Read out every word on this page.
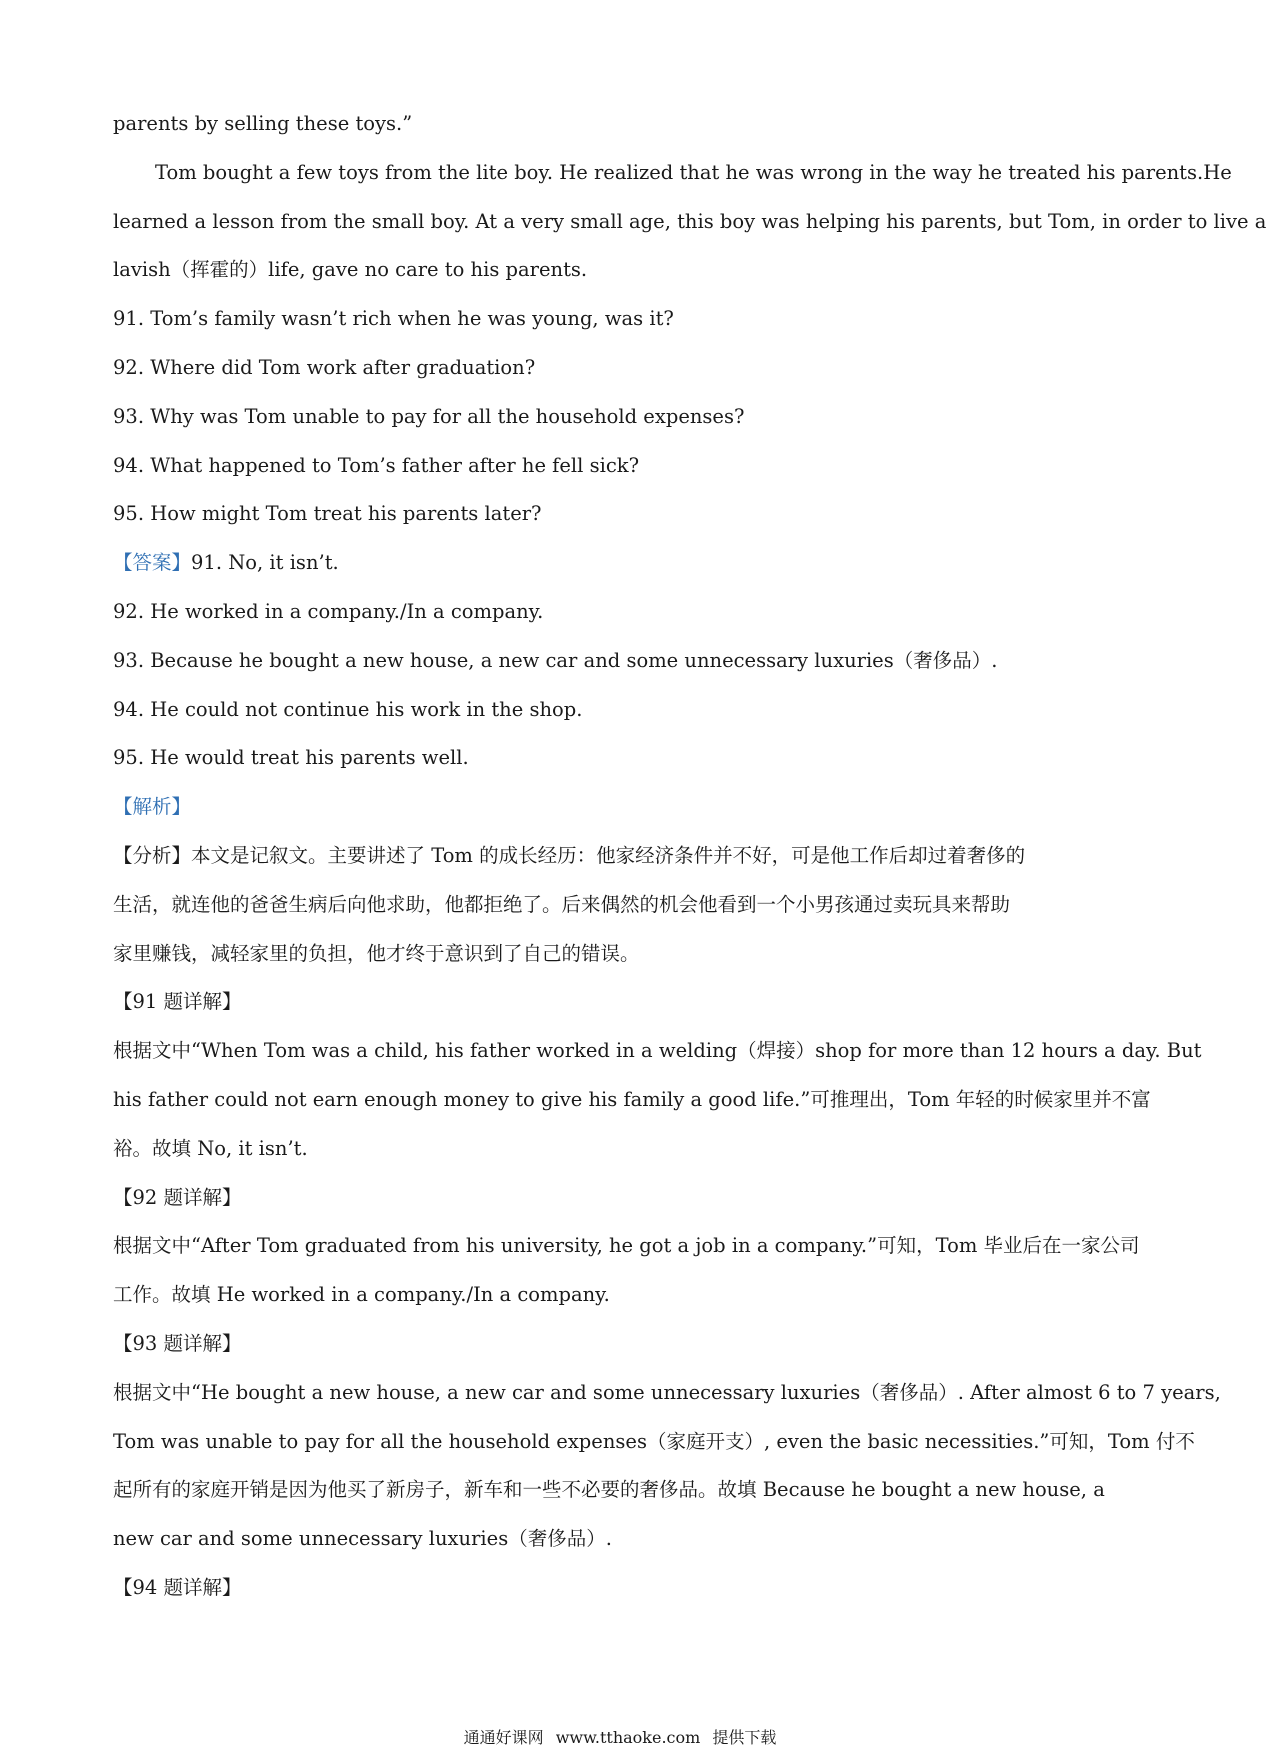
parents by selling these toys.”
Tom bought a few toys from the lite boy. He realized that he was wrong in the way he treated his parents.He
learned a lesson from the small boy. At a very small age, this boy was helping his parents, but Tom, in order to live a
lavish（挥霍的）life, gave no care to his parents.
91. Tom’s family wasn’t rich when he was young, was it?
92. Where did Tom work after graduation?
93. Why was Tom unable to pay for all the household expenses?
94. What happened to Tom’s father after he fell sick?
95. How might Tom treat his parents later?
【答案】91. No, it isn’t.
92. He worked in a company./In a company.
93. Because he bought a new house, a new car and some unnecessary luxuries（奢侈品）.
94. He could not continue his work in the shop.
95. He would treat his parents well.
【解析】
【分析】本文是记叙文。主要讲述了 Tom 的成长经历：他家经济条件并不好，可是他工作后却过着奢侈的
生活，就连他的爸爸生病后向他求助，他都拒绝了。后来偶然的机会他看到一个小男孩通过卖玩具来帮助
家里赚钱，减轻家里的负担，他才终于意识到了自己的错误。
【91 题详解】
根据文中“When Tom was a child, his father worked in a welding（焊接）shop for more than 12 hours a day. But
his father could not earn enough money to give his family a good life.”可推理出，Tom 年轻的时候家里并不富
裕。故填 No, it isn’t.
【92 题详解】
根据文中“After Tom graduated from his university, he got a job in a company.”可知，Tom 毕业后在一家公司
工作。故填 He worked in a company./In a company.
【93 题详解】
根据文中“He bought a new house, a new car and some unnecessary luxuries（奢侈品）. After almost 6 to 7 years,
Tom was unable to pay for all the household expenses（家庭开支）, even the basic necessities.”可知，Tom 付不
起所有的家庭开销是因为他买了新房子，新车和一些不必要的奢侈品。故填 Because he bought a new house, a
new car and some unnecessary luxuries（奢侈品）.
【94 题详解】
通通好课网 www.tthaoke.com 提供下载
